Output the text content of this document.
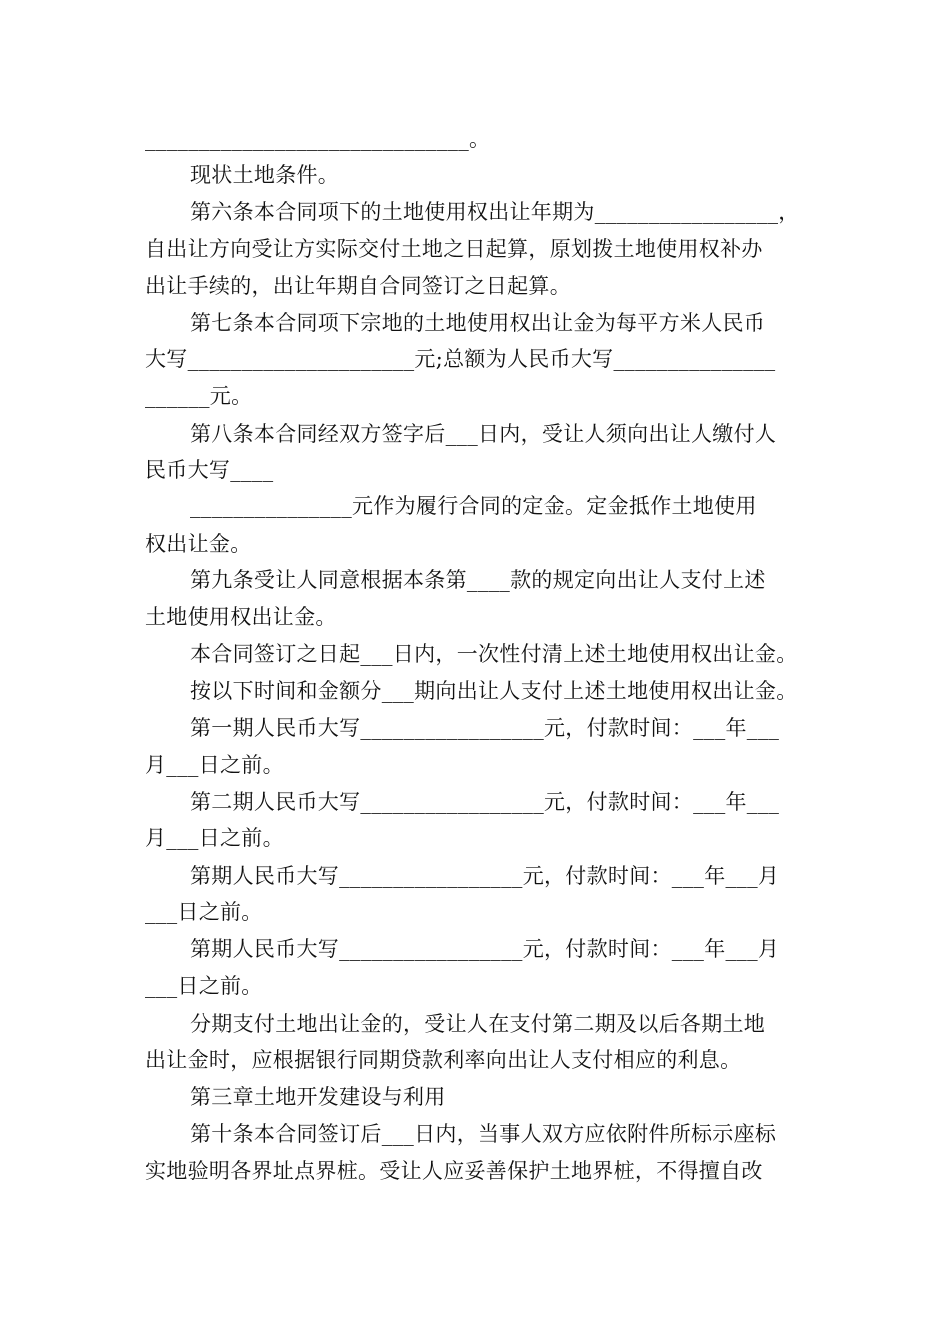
______________________________。
现状土地条件。
第六条本合同项下的土地使用权出让年期为_________________，
自出让方向受让方实际交付土地之日起算，原划拨土地使用权补办
出让手续的，出让年期自合同签订之日起算。
第七条本合同项下宗地的土地使用权出让金为每平方米人民币
大写_____________________元;总额为人民币大写_______________
______元。
第八条本合同经双方签字后___日内，受让人须向出让人缴付人
民币大写____
_______________元作为履行合同的定金。定金抵作土地使用
权出让金。
第九条受让人同意根据本条第____款的规定向出让人支付上述
土地使用权出让金。
本合同签订之日起___日内，一次性付清上述土地使用权出让金。
按以下时间和金额分___期向出让人支付上述土地使用权出让金。
第一期人民币大写_________________元，付款时间：___年___
月___日之前。
第二期人民币大写_________________元，付款时间：___年___
月___日之前。
第期人民币大写_________________元，付款时间：___年___月
___日之前。
第期人民币大写_________________元，付款时间：___年___月
___日之前。
分期支付土地出让金的，受让人在支付第二期及以后各期土地
出让金时，应根据银行同期贷款利率向出让人支付相应的利息。
第三章土地开发建设与利用
第十条本合同签订后___日内，当事人双方应依附件所标示座标
实地验明各界址点界桩。受让人应妥善保护土地界桩，不得擅自改
